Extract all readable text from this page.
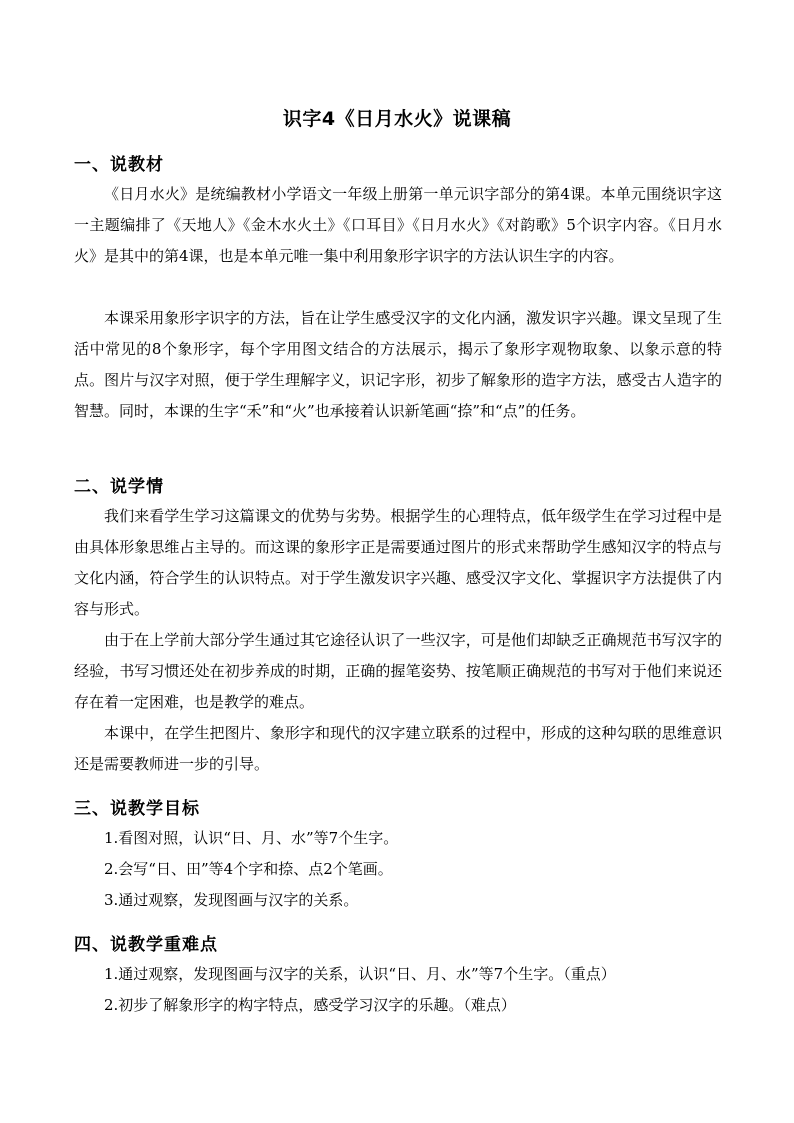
识字4《日月水火》说课稿
一、说教材

《日月水火》是统编教材小学语文一年级上册第一单元识字部分的第4课。本单元围绕识字这一主题编排了《天地人》《金木水火土》《口耳目》《日月水火》《对韵歌》5个识字内容。《日月水火》是其中的第4课，也是本单元唯一集中利用象形字识字的方法认识生字的内容。

本课采用象形字识字的方法，旨在让学生感受汉字的文化内涵，激发识字兴趣。课文呈现了生活中常见的8个象形字，每个字用图文结合的方法展示，揭示了象形字观物取象、以象示意的特点。图片与汉字对照，便于学生理解字义，识记字形，初步了解象形的造字方法，感受古人造字的智慧。同时，本课的生字“禾”和“火”也承接着认识新笔画“捺”和“点”的任务。

二、说学情

我们来看学生学习这篇课文的优势与劣势。根据学生的心理特点，低年级学生在学习过程中是由具体形象思维占主导的。而这课的象形字正是需要通过图片的形式来帮助学生感知汉字的特点与文化内涵，符合学生的认识特点。对于学生激发识字兴趣、感受汉字文化、掌握识字方法提供了内容与形式。

由于在上学前大部分学生通过其它途径认识了一些汉字，可是他们却缺乏正确规范书写汉字的经验，书写习惯还处在初步养成的时期，正确的握笔姿势、按笔顺正确规范的书写对于他们来说还存在着一定困难，也是教学的难点。

本课中，在学生把图片、象形字和现代的汉字建立联系的过程中，形成的这种勾联的思维意识还是需要教师进一步的引导。

三、说教学目标
1.看图对照，认识“日、月、水”等7个生字。
2.会写“日、田”等4个字和捺、点2个笔画。
3.通过观察，发现图画与汉字的关系。
四、说教学重难点
1.通过观察，发现图画与汉字的关系，认识“日、月、水”等7个生字。（重点）
2.初步了解象形字的构字特点，感受学习汉字的乐趣。（难点）
